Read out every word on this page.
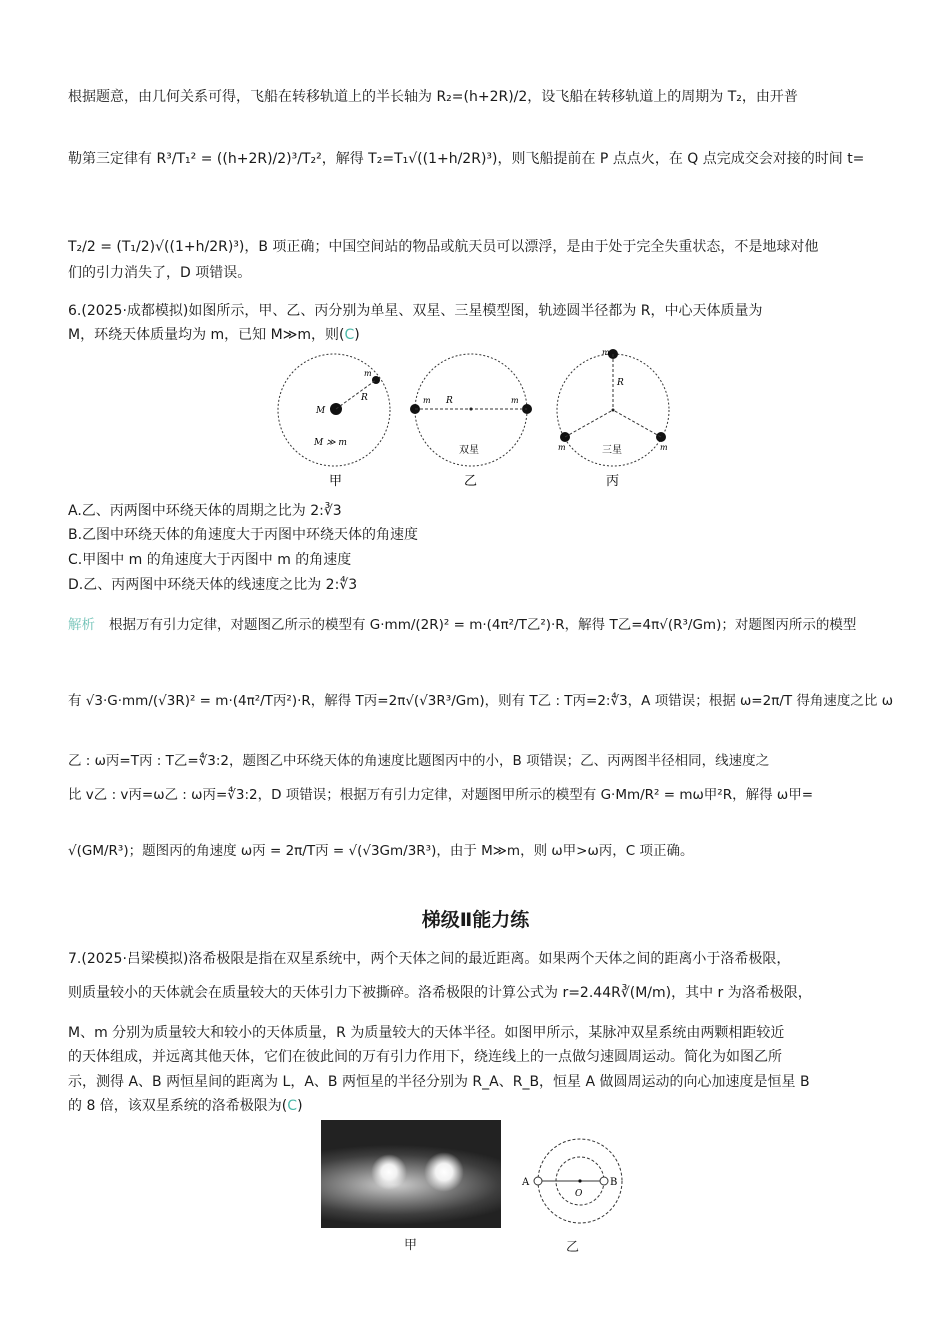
根据题意，由几何关系可得，飞船在转移轨道上的半长轴为 R₂=(h+2R)/2，设飞船在转移轨道上的周期为 T₂，由开普
勒第三定律有 R³/T₁² = ((h+2R)/2)³/T₂²，解得 T₂=T₁√((1+h/2R)³)，则飞船提前在 P 点点火，在 Q 点完成交会对接的时间 t=
T₂/2 = (T₁/2)√((1+h/2R)³)，B 项正确；中国空间站的物品或航天员可以漂浮，是由于处于完全失重状态，不是地球对他
们的引力消失了，D 项错误。
6.(2025·成都模拟)如图所示，甲、乙、丙分别为单星、双星、三星模型图，轨迹圆半径都为 R，中心天体质量为
M，环绕天体质量均为 m，已知 M≫m，则(C)
M
m
R
M ≫ m
甲
m	m
R
双星
乙
m
R
m	m
三星
丙
A.乙、丙两图中环绕天体的周期之比为 2:∛3
B.乙图中环绕天体的角速度大于丙图中环绕天体的角速度
C.甲图中 m 的角速度大于丙图中 m 的角速度
D.乙、丙两图中环绕天体的线速度之比为 2:∜3
解析 根据万有引力定律，对题图乙所示的模型有 G·mm/(2R)² = m·(4π²/T乙²)·R，解得 T乙=4π√(R³/Gm)；对题图丙所示的模型
有 √3·G·mm/(√3R)² = m·(4π²/T丙²)·R，解得 T丙=2π√(√3R³/Gm)，则有 T乙 : T丙=2:∜3，A 项错误；根据 ω=2π/T 得角速度之比 ω
乙 : ω丙=T丙 : T乙=∜3:2，题图乙中环绕天体的角速度比题图丙中的小，B 项错误；乙、丙两图半径相同，线速度之
比 v乙 : v丙=ω乙 : ω丙=∜3:2，D 项错误；根据万有引力定律，对题图甲所示的模型有 G·Mm/R² = mω甲²R，解得 ω甲=
√(GM/R³)；题图丙的角速度 ω丙 = 2π/T丙 = √(√3Gm/3R³)，由于 M≫m，则 ω甲>ω丙，C 项正确。
梯级Ⅱ能力练
7.(2025·吕梁模拟)洛希极限是指在双星系统中，两个天体之间的最近距离。如果两个天体之间的距离小于洛希极限，
则质量较小的天体就会在质量较大的天体引力下被撕碎。洛希极限的计算公式为 r=2.44R∛(M/m)，其中 r 为洛希极限，
M、m 分别为质量较大和较小的天体质量，R 为质量较大的天体半径。如图甲所示，某脉冲双星系统由两颗相距较近
的天体组成，并远离其他天体，它们在彼此间的万有引力作用下，绕连线上的一点做匀速圆周运动。简化为如图乙所
示，测得 A、B 两恒星间的距离为 L，A、B 两恒星的半径分别为 R_A、R_B，恒星 A 做圆周运动的向心加速度是恒星 B
的 8 倍，该双星系统的洛希极限为(C)
A	B
O
甲	乙
